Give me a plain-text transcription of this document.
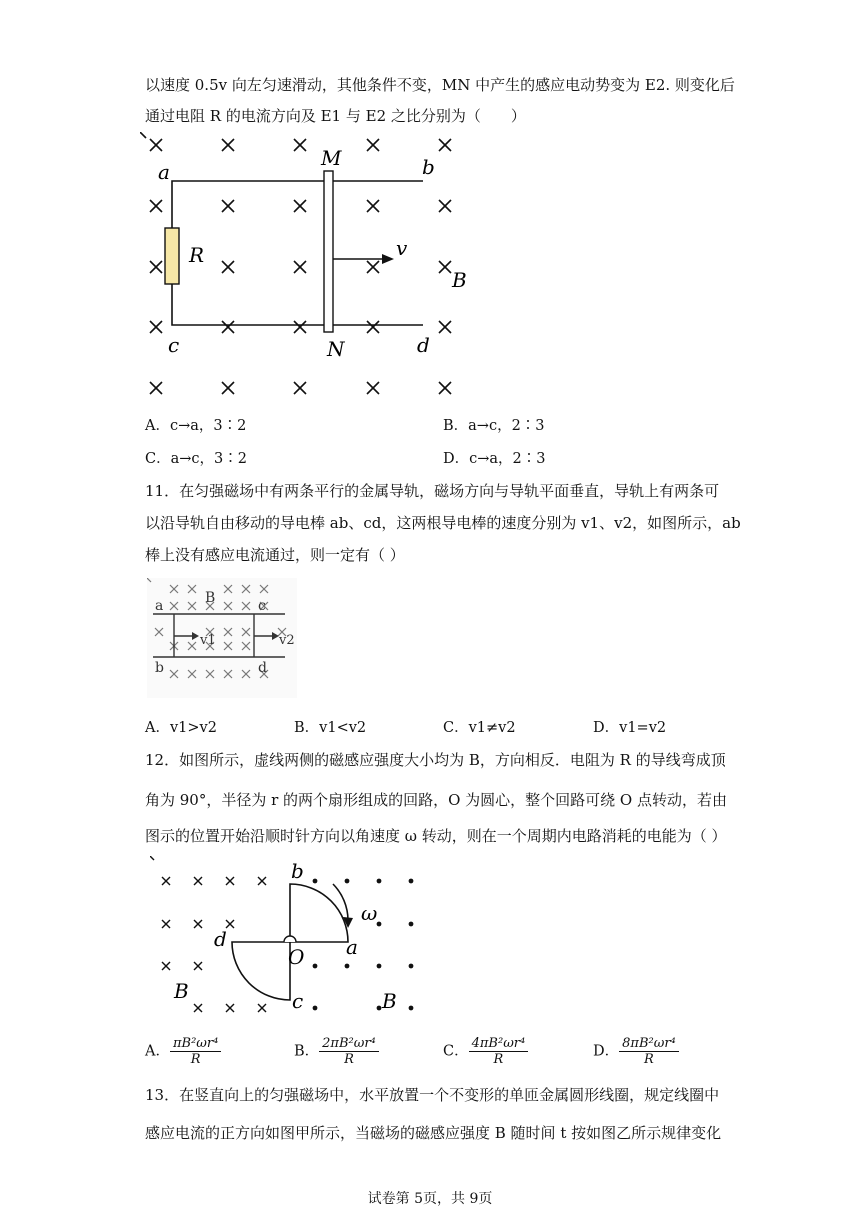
以速度 0.5v 向左匀速滑动，其他条件不变，MN 中产生的感应电动势变为 E2. 则变化后
通过电阻 R 的电流方向及 E1 与 E2 之比分别为（　　）
a	b
c	d
M
N
R	v
B
A．c→a，3∶2	B．a→c，2∶3
C．a→c，3∶2	D．c→a，2∶3
11．在匀强磁场中有两条平行的金属导轨，磁场方向与导轨平面垂直，导轨上有两条可
以沿导轨自由移动的导电棒 ab、cd，这两根导电棒的速度分别为 v1、v2，如图所示，ab
棒上没有感应电流通过，则一定有（ ）
a
b
c
d
B
v1	v2
A．v1>v2	B．v1<v2	C．v1≠v2	D．v1=v2
12．如图所示，虚线两侧的磁感应强度大小均为 B，方向相反．电阻为 R 的导线弯成顶
角为 90°，半径为 r 的两个扇形组成的回路，O 为圆心，整个回路可绕 O 点转动，若由
图示的位置开始沿顺时针方向以角速度 ω 转动，则在一个周期内电路消耗的电能为（ ）
b
a
c
d
O
ω
B	B
A． $\frac{\text{πB²ωr⁴}}{R}$	B． $\frac{\text{2πB²ωr⁴}}{R}$	C． $\frac{\text{4πB²ωr⁴}}{R}$	D． $\frac{\text{8πB²ωr⁴}}{R}$
13．在竖直向上的匀强磁场中，水平放置一个不变形的单匝金属圆形线圈，规定线圈中
感应电流的正方向如图甲所示，当磁场的磁感应强度 B 随时间 t 按如图乙所示规律变化
试卷第 5页，共 9页
